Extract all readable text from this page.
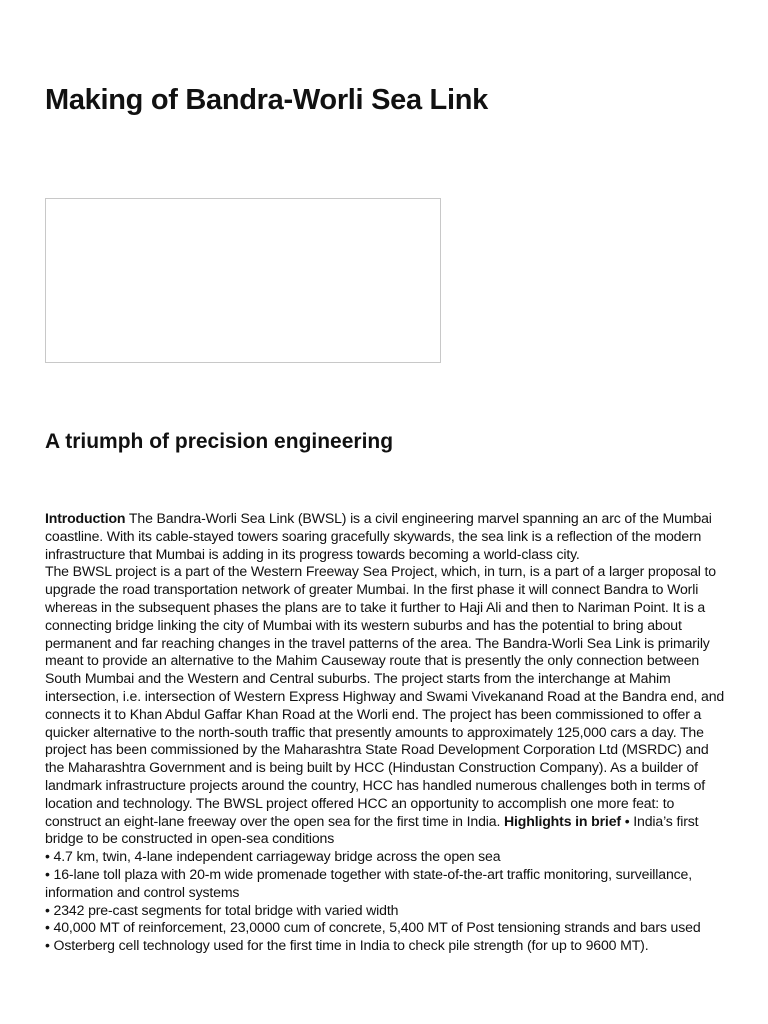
Making of Bandra-Worli Sea Link
A triumph of precision engineering

Introduction The Bandra-Worli Sea Link (BWSL) is a civil engineering marvel spanning an arc of the Mumbai coastline. With its cable-stayed towers soaring gracefully skywards, the sea link is a reflection of the modern infrastructure that Mumbai is adding in its progress towards becoming a world-class city.

The BWSL project is a part of the Western Freeway Sea Project, which, in turn, is a part of a larger proposal to upgrade the road transportation network of greater Mumbai. In the first phase it will connect Bandra to Worli whereas in the subsequent phases the plans are to take it further to Haji Ali and then to Nariman Point. It is a connecting bridge linking the city of Mumbai with its western suburbs and has the potential to bring about permanent and far reaching changes in the travel patterns of the area. The Bandra-Worli Sea Link is primarily meant to provide an alternative to the Mahim Causeway route that is presently the only connection between South Mumbai and the Western and Central suburbs. The project starts from the interchange at Mahim intersection, i.e. intersection of Western Express Highway and Swami Vivekanand Road at the Bandra end, and connects it to Khan Abdul Gaffar Khan Road at the Worli end. The project has been commissioned to offer a quicker alternative to the north-south traffic that presently amounts to approximately 125,000 cars a day. The project has been commissioned by the Maharashtra State Road Development Corporation Ltd (MSRDC) and the Maharashtra Government and is being built by HCC (Hindustan Construction Company). As a builder of landmark infrastructure projects around the country, HCC has handled numerous challenges both in terms of location and technology. The BWSL project offered HCC an opportunity to accomplish one more feat: to construct an eight-lane freeway over the open sea for the first time in India. Highlights in brief • India’s first bridge to be constructed in open-sea conditions

• 4.7 km, twin, 4-lane independent carriageway bridge across the open sea

• 16-lane toll plaza with 20-m wide promenade together with state-of-the-art traffic monitoring, surveillance, information and control systems

• 2342 pre-cast segments for total bridge with varied width

• 40,000 MT of reinforcement, 23,0000 cum of concrete, 5,400 MT of Post tensioning strands and bars used

• Osterberg cell technology used for the first time in India to check pile strength (for up to 9600 MT).
